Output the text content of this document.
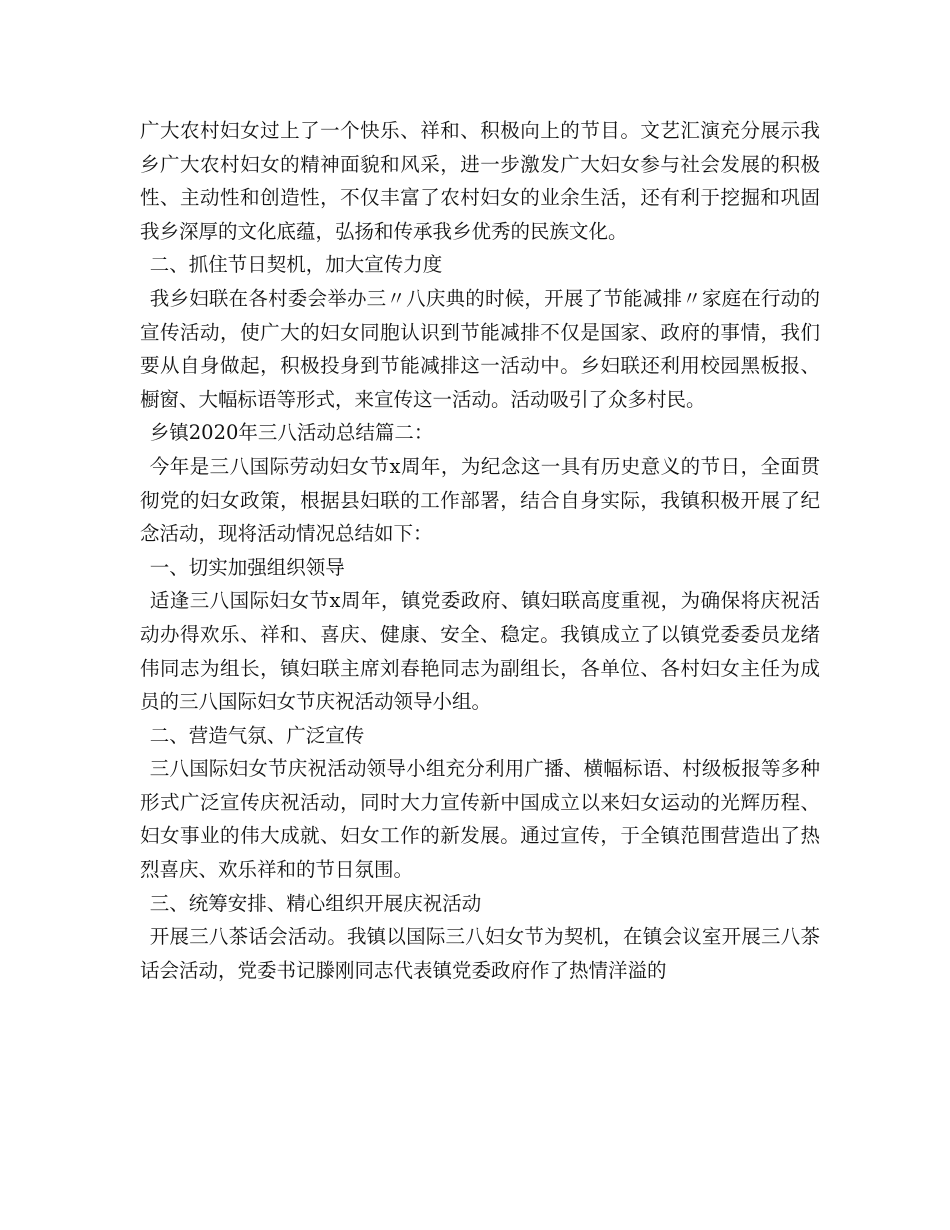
广大农村妇女过上了一个快乐、祥和、积极向上的节目。文艺汇演充分展示我乡广大农村妇女的精神面貌和风采，进一步激发广大妇女参与社会发展的积极性、主动性和创造性，不仅丰富了农村妇女的业余生活，还有利于挖掘和巩固我乡深厚的文化底蕴，弘扬和传承我乡优秀的民族文化。

二、抓住节日契机，加大宣传力度

我乡妇联在各村委会举办三〃八庆典的时候，开展了节能减排〃家庭在行动的宣传活动，使广大的妇女同胞认识到节能减排不仅是国家、政府的事情，我们要从自身做起，积极投身到节能减排这一活动中。乡妇联还利用校园黑板报、橱窗、大幅标语等形式，来宣传这一活动。活动吸引了众多村民。

乡镇2020年三八活动总结篇二：

今年是三八国际劳动妇女节x周年，为纪念这一具有历史意义的节日，全面贯彻党的妇女政策，根据县妇联的工作部署，结合自身实际，我镇积极开展了纪念活动，现将活动情况总结如下：

一、切实加强组织领导

适逢三八国际妇女节x周年，镇党委政府、镇妇联高度重视，为确保将庆祝活动办得欢乐、祥和、喜庆、健康、安全、稳定。我镇成立了以镇党委委员龙绪伟同志为组长，镇妇联主席刘春艳同志为副组长，各单位、各村妇女主任为成员的三八国际妇女节庆祝活动领导小组。

二、营造气氛、广泛宣传

三八国际妇女节庆祝活动领导小组充分利用广播、横幅标语、村级板报等多种形式广泛宣传庆祝活动，同时大力宣传新中国成立以来妇女运动的光辉历程、妇女事业的伟大成就、妇女工作的新发展。通过宣传，于全镇范围营造出了热烈喜庆、欢乐祥和的节日氛围。

三、统筹安排、精心组织开展庆祝活动

开展三八茶话会活动。我镇以国际三八妇女节为契机，在镇会议室开展三八茶话会活动，党委书记滕刚同志代表镇党委政府作了热情洋溢的
